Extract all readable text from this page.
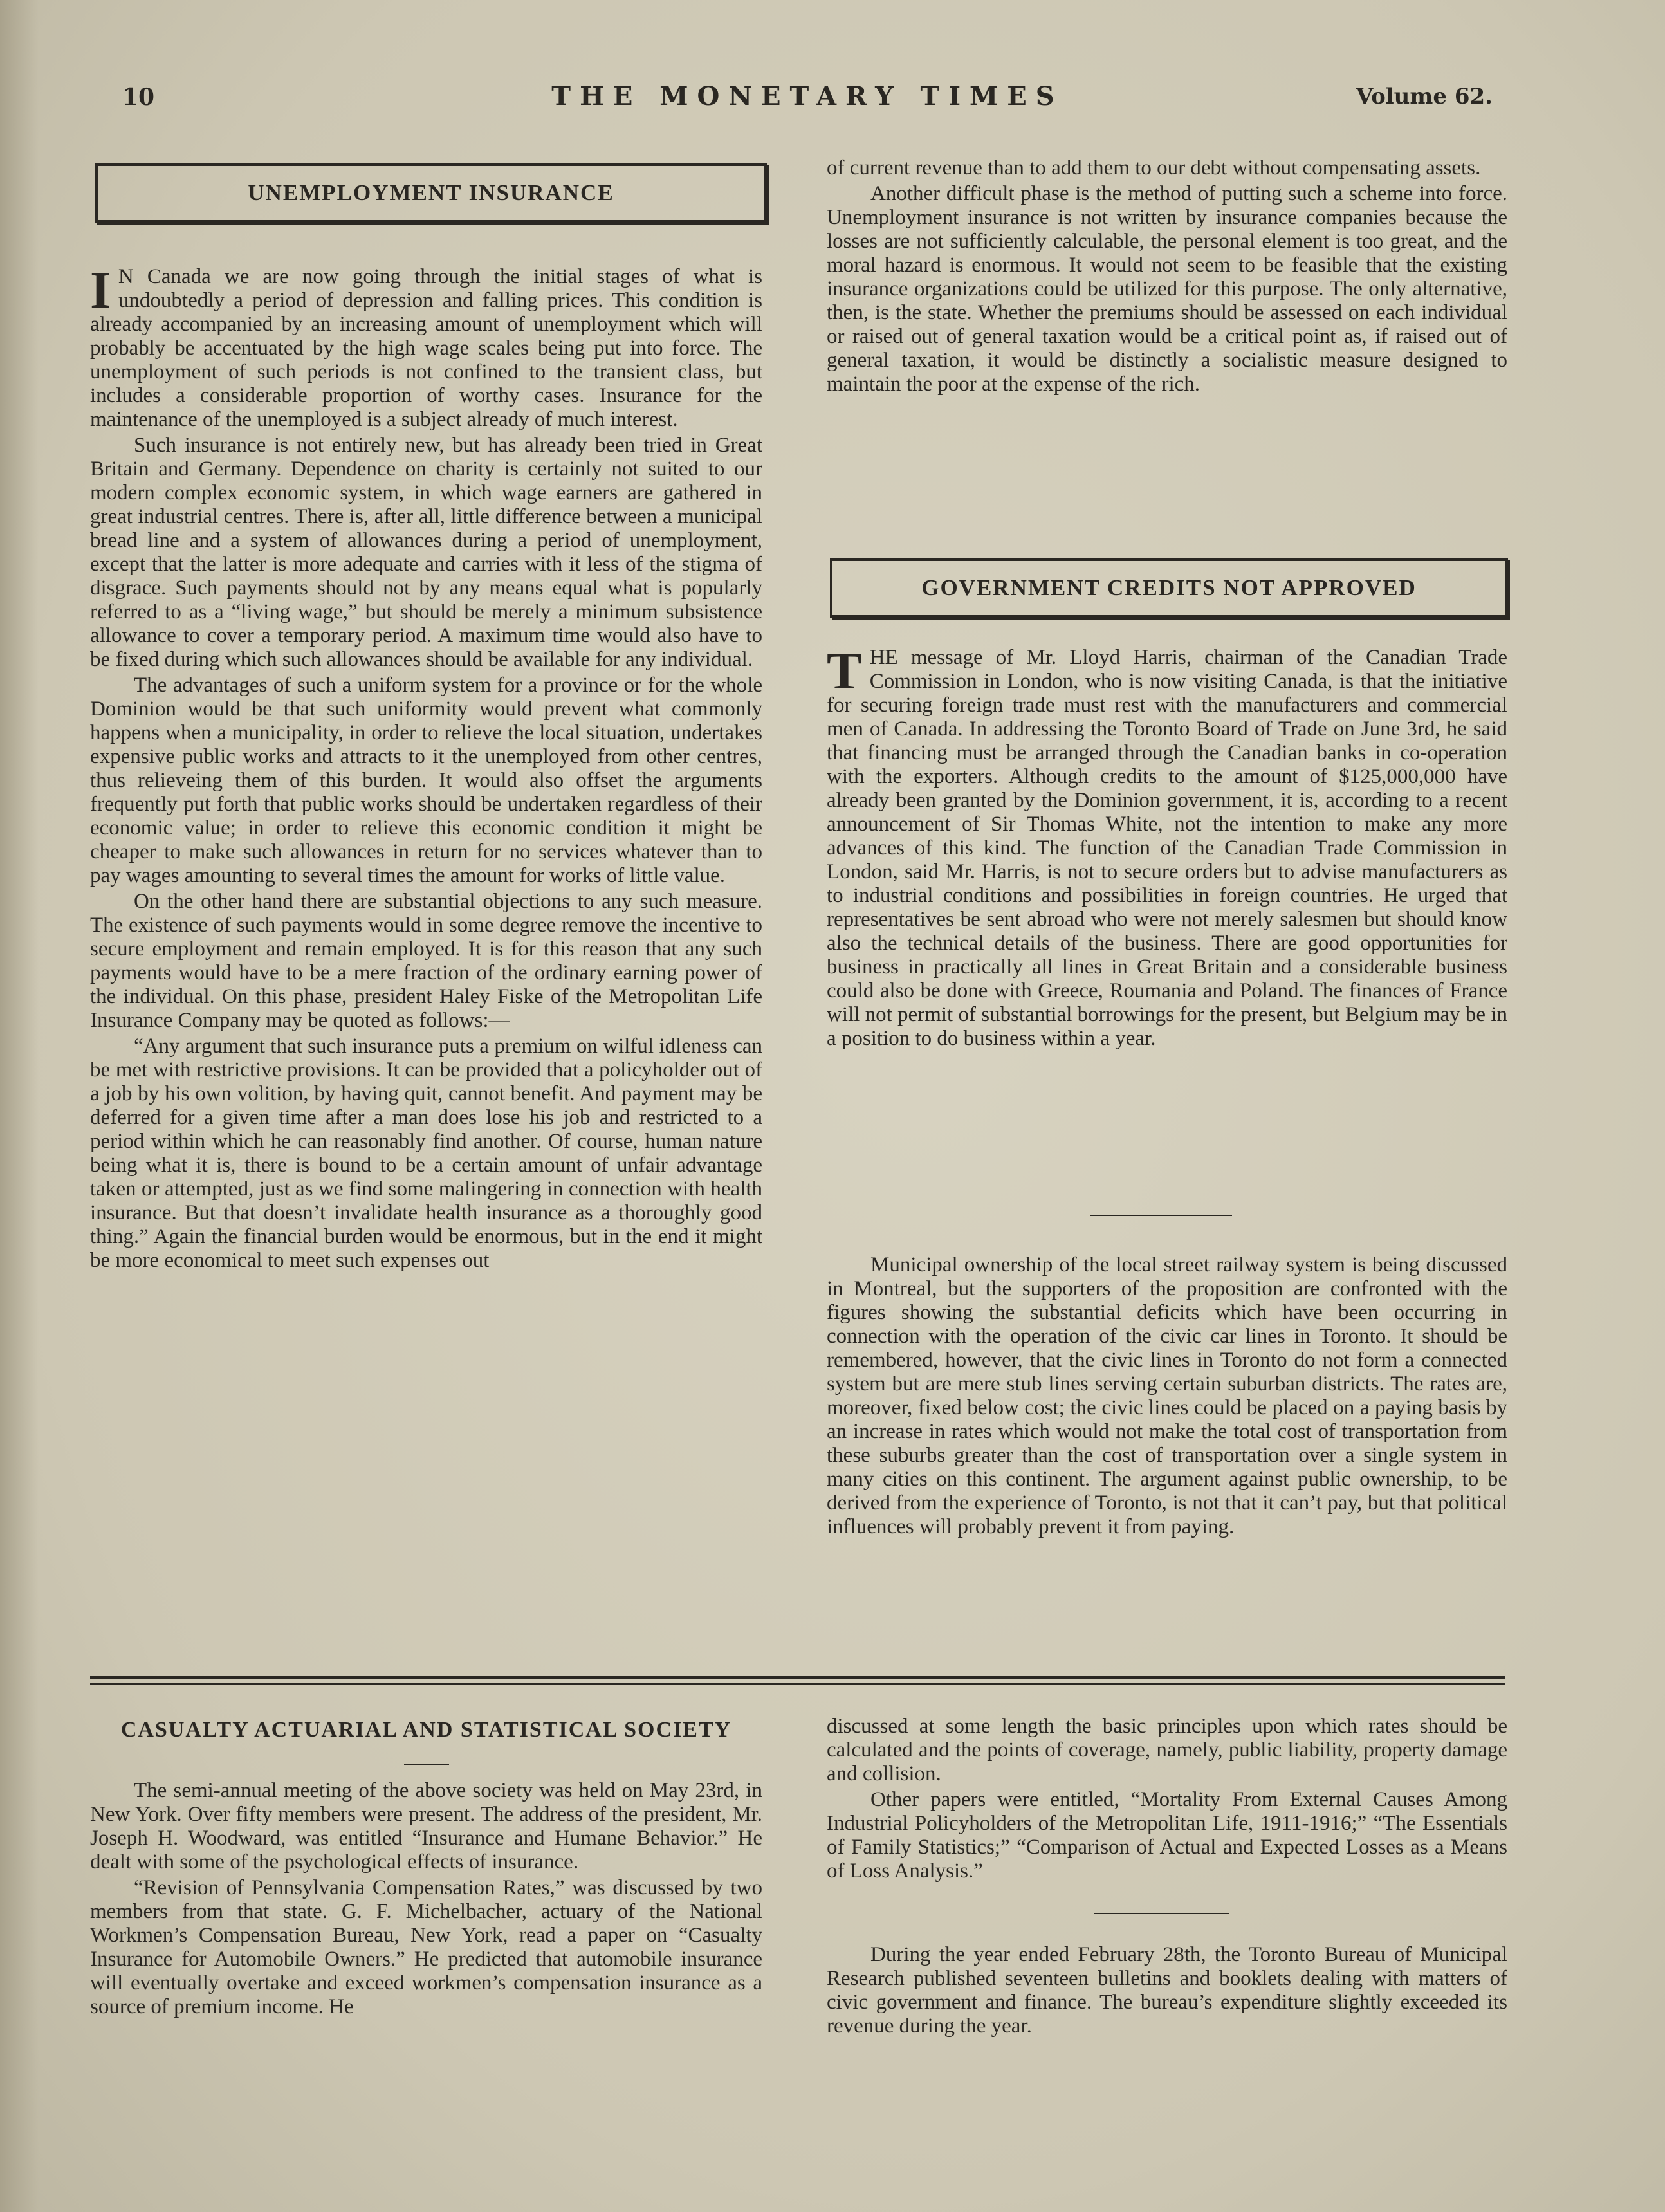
10	THE MONETARY TIMES	Volume 62.
UNEMPLOYMENT INSURANCE

I N Canada we are now going through the initial stages of what is undoubtedly a period of depression and falling prices. This condition is already accompanied by an increasing amount of unemployment which will probably be accentuated by the high wage scales being put into force. The unemployment of such periods is not confined to the transient class, but includes a considerable proportion of worthy cases. Insurance for the maintenance of the unemployed is a subject already of much interest.

Such insurance is not entirely new, but has already been tried in Great Britain and Germany. Dependence on charity is certainly not suited to our modern complex economic system, in which wage earners are gathered in great industrial centres. There is, after all, little difference between a municipal bread line and a system of allowances during a period of unemployment, except that the latter is more adequate and carries with it less of the stigma of disgrace. Such payments should not by any means equal what is popularly referred to as a “living wage,” but should be merely a minimum subsistence allowance to cover a temporary period. A maximum time would also have to be fixed during which such allowances should be available for any individual.

The advantages of such a uniform system for a province or for the whole Dominion would be that such uniformity would prevent what commonly happens when a municipality, in order to relieve the local situation, undertakes expensive public works and attracts to it the unemployed from other centres, thus relieveing them of this burden. It would also offset the arguments frequently put forth that public works should be undertaken regardless of their economic value; in order to relieve this economic condition it might be cheaper to make such allowances in return for no services whatever than to pay wages amounting to several times the amount for works of little value.

On the other hand there are substantial objections to any such measure. The existence of such payments would in some degree remove the incentive to secure employment and remain employed. It is for this reason that any such payments would have to be a mere fraction of the ordinary earning power of the individual. On this phase, president Haley Fiske of the Metropolitan Life Insurance Company may be quoted as follows:—

“Any argument that such insurance puts a premium on wilful idleness can be met with restrictive provisions. It can be provided that a policyholder out of a job by his own volition, by having quit, cannot benefit. And payment may be deferred for a given time after a man does lose his job and restricted to a period within which he can reasonably find another. Of course, human nature being what it is, there is bound to be a certain amount of unfair advantage taken or attempted, just as we find some malingering in connection with health insurance. But that doesn’t invalidate health insurance as a thoroughly good thing.” Again the financial burden would be enormous, but in the end it might be more economical to meet such expenses out

of current revenue than to add them to our debt without compensating assets.

Another difficult phase is the method of putting such a scheme into force. Unemployment insurance is not written by insurance companies because the losses are not sufficiently calculable, the personal element is too great, and the moral hazard is enormous. It would not seem to be feasible that the existing insurance organizations could be utilized for this purpose. The only alternative, then, is the state. Whether the premiums should be assessed on each individual or raised out of general taxation would be a critical point as, if raised out of general taxation, it would be distinctly a socialistic measure designed to maintain the poor at the expense of the rich.

GOVERNMENT CREDITS NOT APPROVED

THE message of Mr. Lloyd Harris, chairman of the Canadian Trade Commission in London, who is now visiting Canada, is that the initiative for securing foreign trade must rest with the manufacturers and commercial men of Canada. In addressing the Toronto Board of Trade on June 3rd, he said that financing must be arranged through the Canadian banks in co-operation with the exporters. Although credits to the amount of $125,000,000 have already been granted by the Dominion government, it is, according to a recent announcement of Sir Thomas White, not the intention to make any more advances of this kind. The function of the Canadian Trade Commission in London, said Mr. Harris, is not to secure orders but to advise manufacturers as to industrial conditions and possibilities in foreign countries. He urged that representatives be sent abroad who were not merely salesmen but should know also the technical details of the business. There are good opportunities for business in practically all lines in Great Britain and a considerable business could also be done with Greece, Roumania and Poland. The finances of France will not permit of substantial borrowings for the present, but Belgium may be in a position to do business within a year.

Municipal ownership of the local street railway system is being discussed in Montreal, but the supporters of the proposition are confronted with the figures showing the substantial deficits which have been occurring in connection with the operation of the civic car lines in Toronto. It should be remembered, however, that the civic lines in Toronto do not form a connected system but are mere stub lines serving certain suburban districts. The rates are, moreover, fixed below cost; the civic lines could be placed on a paying basis by an increase in rates which would not make the total cost of transportation from these suburbs greater than the cost of transportation over a single system in many cities on this continent. The argument against public ownership, to be derived from the experience of Toronto, is not that it can’t pay, but that political influences will probably prevent it from paying.

CASUALTY ACTUARIAL AND STATISTICAL SOCIETY

The semi-annual meeting of the above society was held on May 23rd, in New York. Over fifty members were present. The address of the president, Mr. Joseph H. Woodward, was entitled “Insurance and Humane Behavior.” He dealt with some of the psychological effects of insurance.

“Revision of Pennsylvania Compensation Rates,” was discussed by two members from that state. G. F. Michelbacher, actuary of the National Workmen’s Compensation Bureau, New York, read a paper on “Casualty Insurance for Automobile Owners.” He predicted that automobile insurance will eventually overtake and exceed workmen’s compensation insurance as a source of premium income. He

discussed at some length the basic principles upon which rates should be calculated and the points of coverage, namely, public liability, property damage and collision.

Other papers were entitled, “Mortality From External Causes Among Industrial Policyholders of the Metropolitan Life, 1911-1916;” “The Essentials of Family Statistics;” “Comparison of Actual and Expected Losses as a Means of Loss Analysis.”

During the year ended February 28th, the Toronto Bureau of Municipal Research published seventeen bulletins and booklets dealing with matters of civic government and finance. The bureau’s expenditure slightly exceeded its revenue during the year.
